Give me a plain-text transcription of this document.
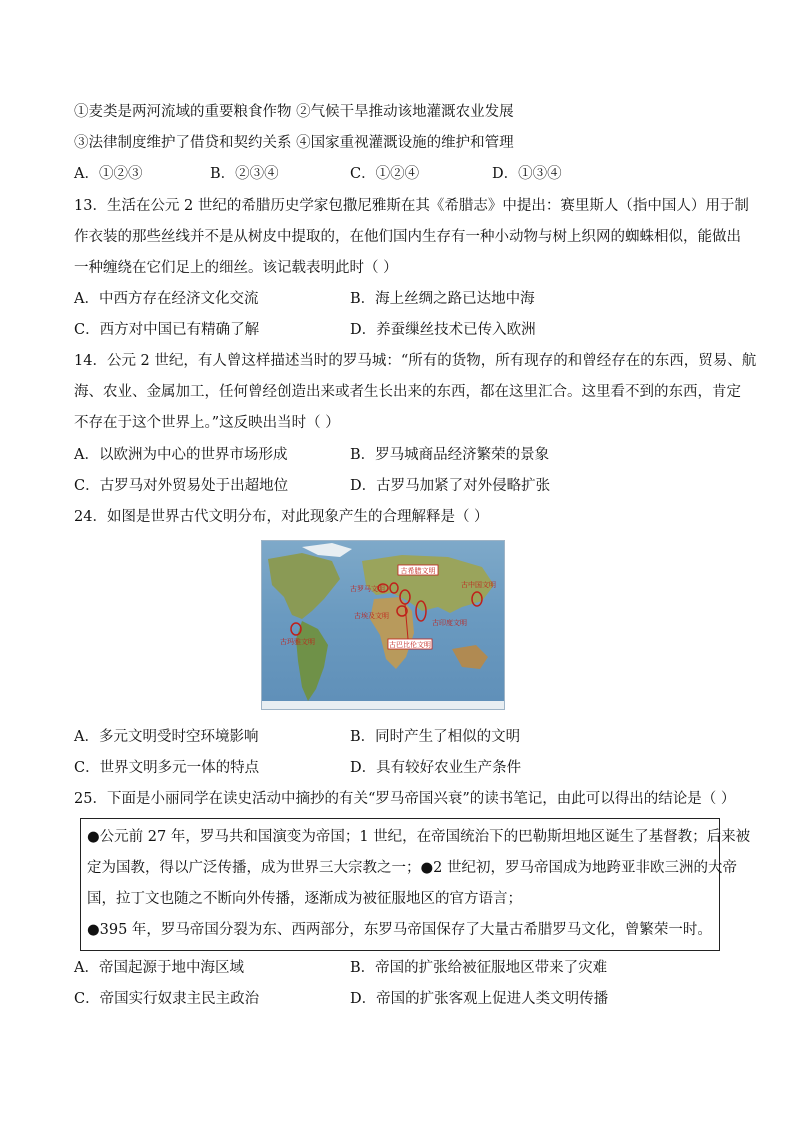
①麦类是两河流域的重要粮食作物 ②气候干旱推动该地灌溉农业发展
③法律制度维护了借贷和契约关系 ④国家重视灌溉设施的维护和管理
A．①②③	B．②③④	C．①②④	D．①③④
13．生活在公元 2 世纪的希腊历史学家包撒尼雅斯在其《希腊志》中提出：赛里斯人（指中国人）用于制
作衣装的那些丝线并不是从树皮中提取的，在他们国内生存有一种小动物与树上织网的蜘蛛相似，能做出
一种缠绕在它们足上的细丝。该记载表明此时（ ）
A．中西方存在经济文化交流	B．海上丝绸之路已达地中海
C．西方对中国已有精确了解	D．养蚕缫丝技术已传入欧洲
14．公元 2 世纪，有人曾这样描述当时的罗马城：“所有的货物，所有现存的和曾经存在的东西，贸易、航
海、农业、金属加工，任何曾经创造出来或者生长出来的东西，都在这里汇合。这里看不到的东西，肯定
不存在于这个世界上。”这反映出当时（ ）
A．以欧洲为中心的世界市场形成	B．罗马城商品经济繁荣的景象
C．古罗马对外贸易处于出超地位	D．古罗马加紧了对外侵略扩张
24．如图是世界古代文明分布，对此现象产生的合理解释是（ ）
古希腊文明
古罗马文明	古中国文明
古埃及文明
古印度文明
古玛雅文明	古巴比伦文明
A．多元文明受时空环境影响	B．同时产生了相似的文明
C．世界文明多元一体的特点	D．具有较好农业生产条件
25．下面是小丽同学在读史活动中摘抄的有关“罗马帝国兴衰”的读书笔记，由此可以得出的结论是（ ）
●公元前 27 年，罗马共和国演变为帝国；1 世纪，在帝国统治下的巴勒斯坦地区诞生了基督教；后来被
定为国教，得以广泛传播，成为世界三大宗教之一；●2 世纪初，罗马帝国成为地跨亚非欧三洲的大帝
国，拉丁文也随之不断向外传播，逐渐成为被征服地区的官方语言；
●395 年，罗马帝国分裂为东、西两部分，东罗马帝国保存了大量古希腊罗马文化，曾繁荣一时。
A．帝国起源于地中海区域	B．帝国的扩张给被征服地区带来了灾难
C．帝国实行奴隶主民主政治	D．帝国的扩张客观上促进人类文明传播
